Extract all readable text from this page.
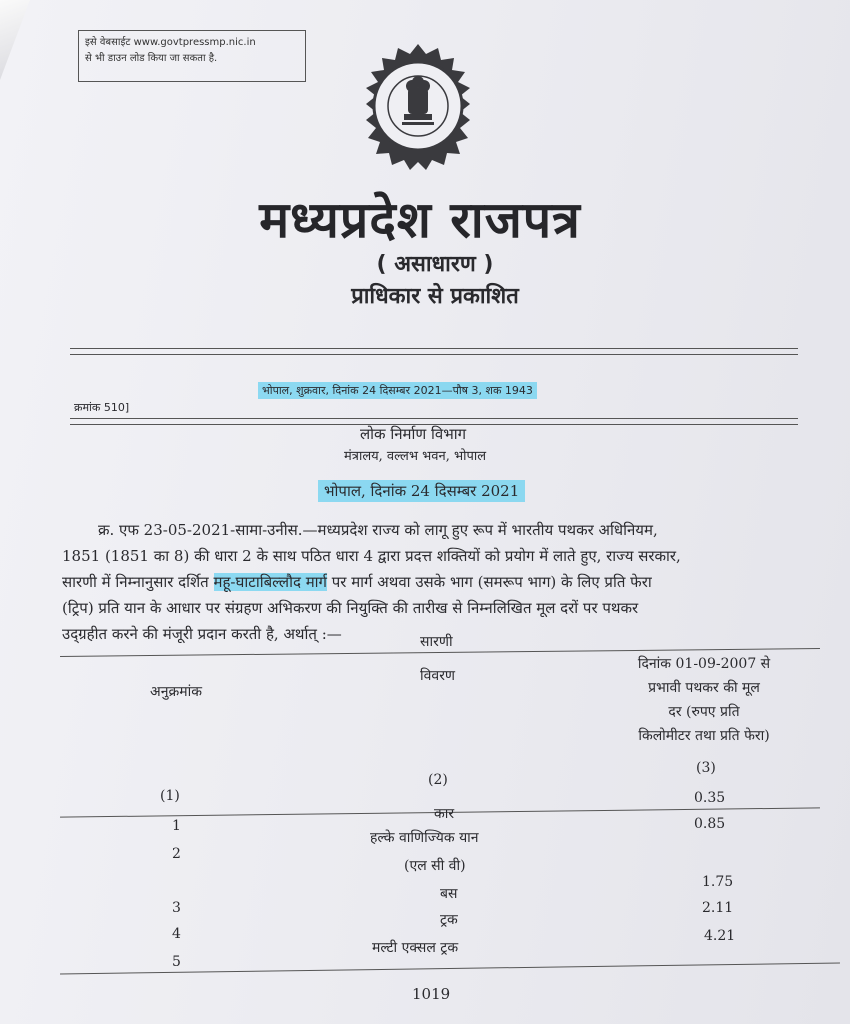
इसे वेबसाईट www.govtpressmp.nic.in
से भी डाउन लोड किया जा सकता है.
मध्यप्रदेश राजपत्र
( असाधारण )
प्राधिकार से प्रकाशित
भोपाल, शुक्रवार, दिनांक 24 दिसम्बर 2021—पौष 3, शक 1943
क्रमांक 510]
लोक निर्माण विभाग
मंत्रालय, वल्लभ भवन, भोपाल
भोपाल, दिनांक 24 दिसम्बर 2021
क्र. एफ 23-05-2021-सामा-उनीस.—मध्यप्रदेश राज्य को लागू हुए रूप में भारतीय पथकर अधिनियम,
1851 (1851 का 8) की धारा 2 के साथ पठित धारा 4 द्वारा प्रदत्त शक्तियों को प्रयोग में लाते हुए, राज्य सरकार,
सारणी में निम्नानुसार दर्शित महू-घाटाबिल्लौद मार्ग पर मार्ग अथवा उसके भाग (समरूप भाग) के लिए प्रति फेरा
(ट्रिप) प्रति यान के आधार पर संग्रहण अभिकरण की नियुक्ति की तारीख से निम्नलिखित मूल दरों पर पथकर
उद्ग्रहीत करने की मंजूरी प्रदान करती है, अर्थात् :—	सारणी
अनुक्रमांक
विवरण
दिनांक 01-09-2007 से
प्रभावी पथकर की मूल
दर (रुपए प्रति
किलोमीटर तथा प्रति फेरा)
(1)
(2)
(3)
1
कार
0.35
2
हल्के वाणिज्यिक यान
(एल सी वी)
0.85
3
बस
1.75
4
ट्रक
2.11
5
मल्टी एक्सल ट्रक
4.21
1019
